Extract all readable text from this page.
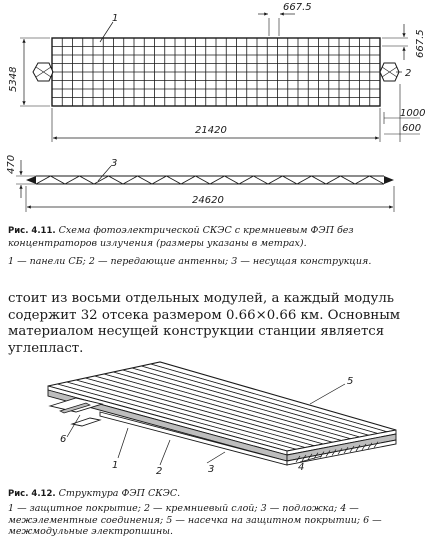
1
2
667.5
667.5
5348
21420
1000
600
3
470
24620
5
6
1
2	3	4
Рис. 4.11. Схема фотоэлектрической СКЭС с кремниевым ФЭП без концентраторов излучения (размеры указаны в метрах).
1 — панели СБ; 2 — передающие антенны; 3 — несущая конструкция.
стоит из восьми отдельных модулей, а каждый модуль содержит 32 отсека размером 0.66×0.66 км. Основным материалом несущей конструкции станции является углепласт.
Рис. 4.12. Структура ФЭП СКЭС.
1 — защитное покрытие; 2 — кремниевый слой; 3 — подложка; 4 — межэлементные соединения; 5 — насечка на защитном покрытии; 6 — межмодульные электропшины.
